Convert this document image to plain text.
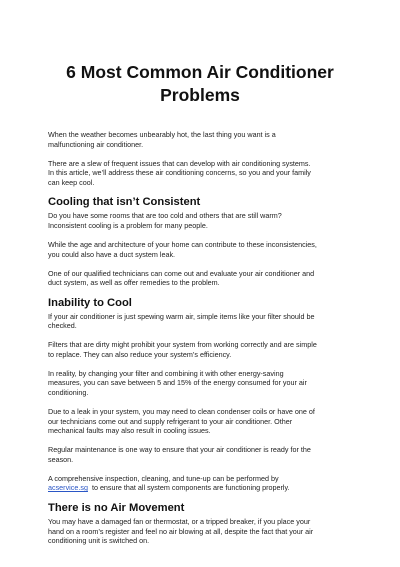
6 Most Common Air Conditioner
Problems

When the weather becomes unbearably hot, the last thing you want is a
malfunctioning air conditioner.

There are a slew of frequent issues that can develop with air conditioning systems.
In this article, we’ll address these air conditioning concerns, so you and your family
can keep cool.

Cooling that isn’t Consistent

Do you have some rooms that are too cold and others that are still warm?
Inconsistent cooling is a problem for many people.

While the age and architecture of your home can contribute to these inconsistencies,
you could also have a duct system leak.

One of our qualified technicians can come out and evaluate your air conditioner and
duct system, as well as offer remedies to the problem.

Inability to Cool

If your air conditioner is just spewing warm air, simple items like your filter should be
checked.

Filters that are dirty might prohibit your system from working correctly and are simple
to replace. They can also reduce your system’s efficiency.

In reality, by changing your filter and combining it with other energy-saving
measures, you can save between 5 and 15% of the energy consumed for your air
conditioning.

Due to a leak in your system, you may need to clean condenser coils or have one of
our technicians come out and supply refrigerant to your air conditioner. Other
mechanical faults may also result in cooling issues.

Regular maintenance is one way to ensure that your air conditioner is ready for the
season.

A comprehensive inspection, cleaning, and tune-up can be performed by
acservice.sg  to ensure that all system components are functioning properly.

There is no Air Movement

You may have a damaged fan or thermostat, or a tripped breaker, if you place your
hand on a room’s register and feel no air blowing at all, despite the fact that your air
conditioning unit is switched on.
